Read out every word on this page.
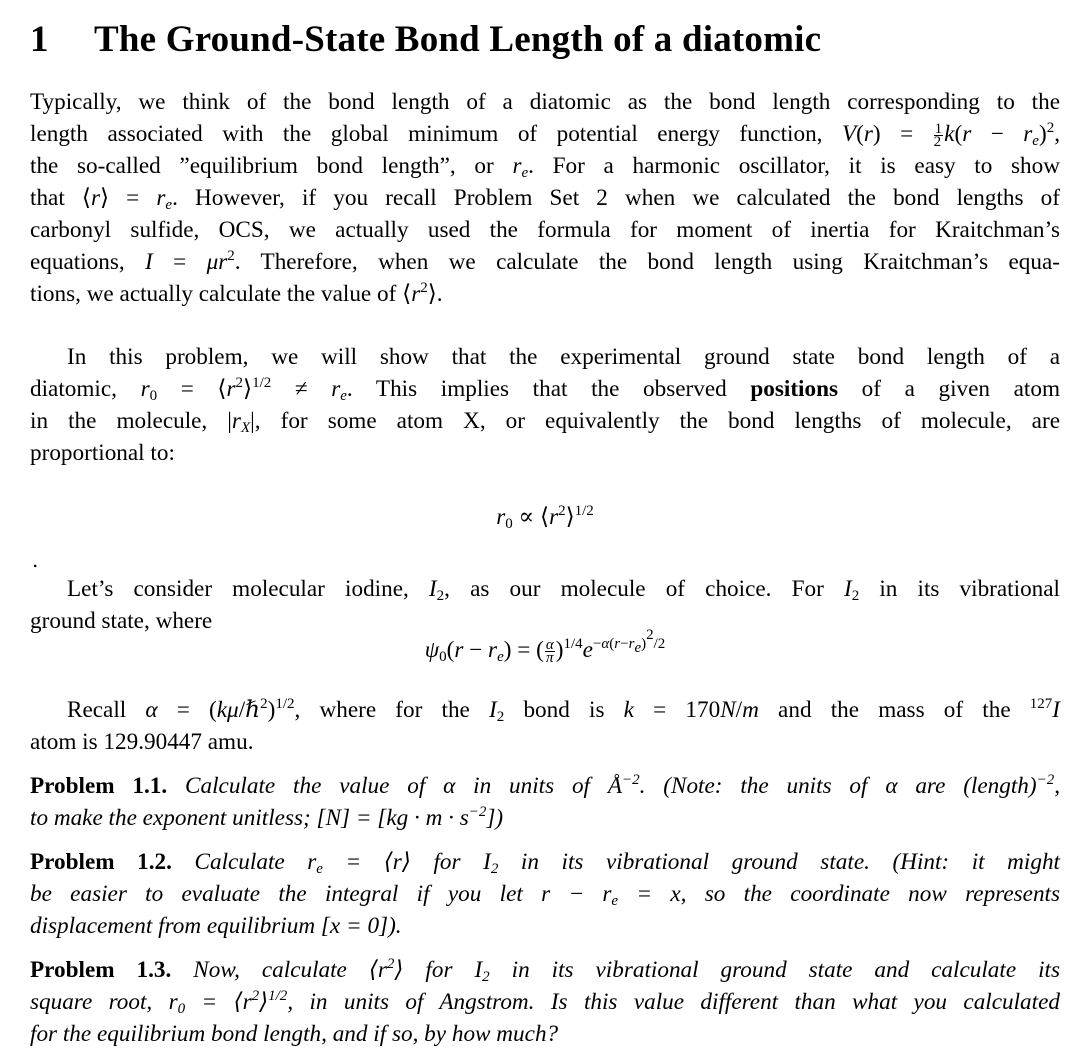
1 The Ground-State Bond Length of a diatomic
Typically, we think of the bond length of a diatomic as the bond length corresponding to the
length associated with the global minimum of potential energy function, $V(r) = \frac{1}{2} k(r - r_e)^2$,
the so-called ”equilibrium bond length”, or $r_e$. For a harmonic oscillator, it is easy to show
that ⟨r⟩ = $r_e$. However, if you recall Problem Set 2 when we calculated the bond lengths of
carbonyl sulfide, OCS, we actually used the formula for moment of inertia for Kraitchman’s
equations, $I = \mu r^2$. Therefore, when we calculate the bond length using Kraitchman’s equa-
tions, we actually calculate the value of $⟨r^2⟩$.
In this problem, we will show that the experimental ground state bond length of a
diatomic, $r_0$ = $⟨r^2⟩^{1/2} \ne r_e$. This implies that the observed positions of a given atom
in the molecule, $|r_X|$, for some atom X, or equivalently the bond lengths of molecule, are
proportional to:
$r_0$ ∝ $⟨r^2⟩^{1/2}$
.
Let’s consider molecular iodine, $I_2$, as our molecule of choice. For $I_2$ in its vibrational
ground state, where
$\psi_0(r - r_e)$ = ( $\frac{\alpha}{\pi} )^{1/4}e^{-\alpha(r-r_e)^2/2}$
Recall α = (kμ/ℏ$^2$)$^{1/2}$, where for the $I_2$ bond is k = 170N/m and the mass of the $^{127}$I
atom is 129.90447 amu.
Problem 1.1. Calculate the value of α in units of $Å^{-2}$. (Note: the units of α are (length)$^{-2}$,
to make the exponent unitless; $[N] = [kg \cdot m \cdot s^{-2}]$)
Problem 1.2. Calculate $r_e$ = ⟨r⟩ for $I_2$ in its vibrational ground state. (Hint: it might
be easier to evaluate the integral if you let $r - r_e = x$, so the coordinate now represents
displacement from equilibrium [x = 0]).
Problem 1.3. Now, calculate $⟨r^2⟩$ for $I_2$ in its vibrational ground state and calculate its
square root, $r_0$ = $⟨r^2⟩^{1/2}$, in units of Angstrom. Is this value different than what you calculated
for the equilibrium bond length, and if so, by how much?
